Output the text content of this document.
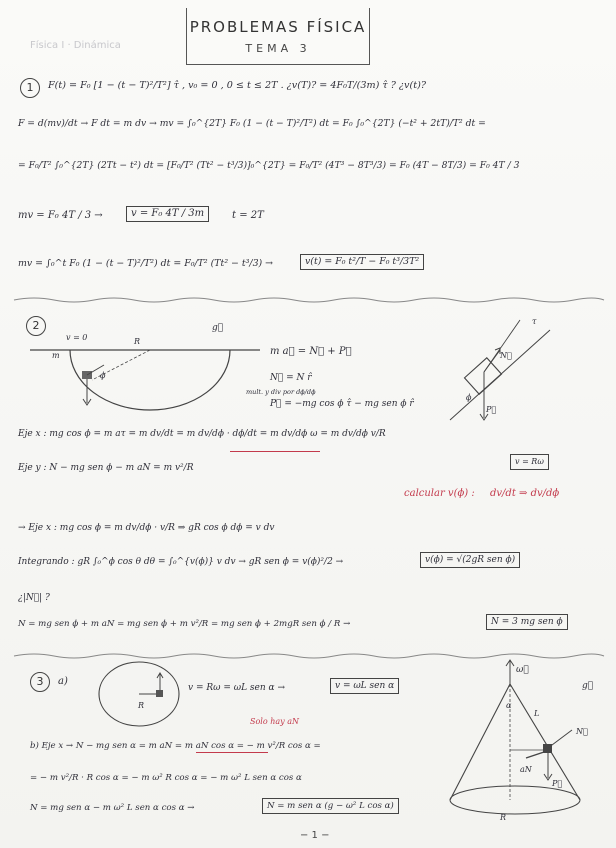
Física I · Dinámica
PROBLEMAS FÍSICA
TEMA 3
1	F(t) = F₀ [1 − (t − T)²/T²] τ̂ , v₀ = 0 , 0 ≤ t ≤ 2T . ¿v(T)? = 4F₀T/(3m) τ̂ ? ¿v(t)?
F = d(mv)/dt → F dt = m dv → mv = ∫₀^{2T} F₀ (1 − (t − T)²/T²) dt = F₀ ∫₀^{2T} (−t² + 2tT)/T² dt =
= F₀/T² ∫₀^{2T} (2Tt − t²) dt = [F₀/T² (Tt² − t³/3)]₀^{2T} = F₀/T² (4T³ − 8T³/3) = F₀ (4T − 8T/3) = F₀ 4T / 3
mv = F₀ 4T / 3 →	v = F₀ 4T / 3m	t = 2T
mv = ∫₀^t F₀ (1 − (t − T)²/T²) dt = F₀/T² (Tt² − t³/3) →	v(t) = F₀ t²/T − F₀ t³/3T²
2
v = 0
m
R
ϕ
g⃗
m a⃗ = N⃗ + P⃗
N⃗ = N r̂
mult. y div por dϕ/dϕ
P⃗ = −mg cos ϕ τ̂ − mg sen ϕ r̂
N⃗
P⃗
τ
ϕ
Eje x : mg cos ϕ = m aτ = m dv/dt = m dv/dϕ · dϕ/dt = m dv/dϕ ω = m dv/dϕ v/R
v = Rω
Eje y : N − mg sen ϕ − m aN = m v²/R
calcular v(ϕ) : dv/dt ⇒ dv/dϕ
→ Eje x : mg cos ϕ = m dv/dϕ · v/R ⇒ gR cos ϕ dϕ = v dv
Integrando : gR ∫₀^ϕ cos θ dθ = ∫₀^{v(ϕ)} v dv → gR sen ϕ = v(ϕ)²/2 →	v(ϕ) = √(2gR sen ϕ)
¿|N⃗| ?
N = mg sen ϕ + m aN = mg sen ϕ + m v²/R = mg sen ϕ + 2mgR sen ϕ / R →	N = 3 mg sen ϕ
3	a)
R
v = Rω = ωL sen α →	v = ωL sen α
Solo hay aN
b) Eje x → N − mg sen α = m aN = m aN cos α = − m v²/R cos α =
= − m v²/R · R cos α = − m ω² R cos α = − m ω² L sen α cos α
N = mg sen α − m ω² L sen α cos α →	N = m sen α (g − ω² L cos α)
ω⃗
L
α
N⃗
aN
P⃗
R
g⃗
− 1 −
